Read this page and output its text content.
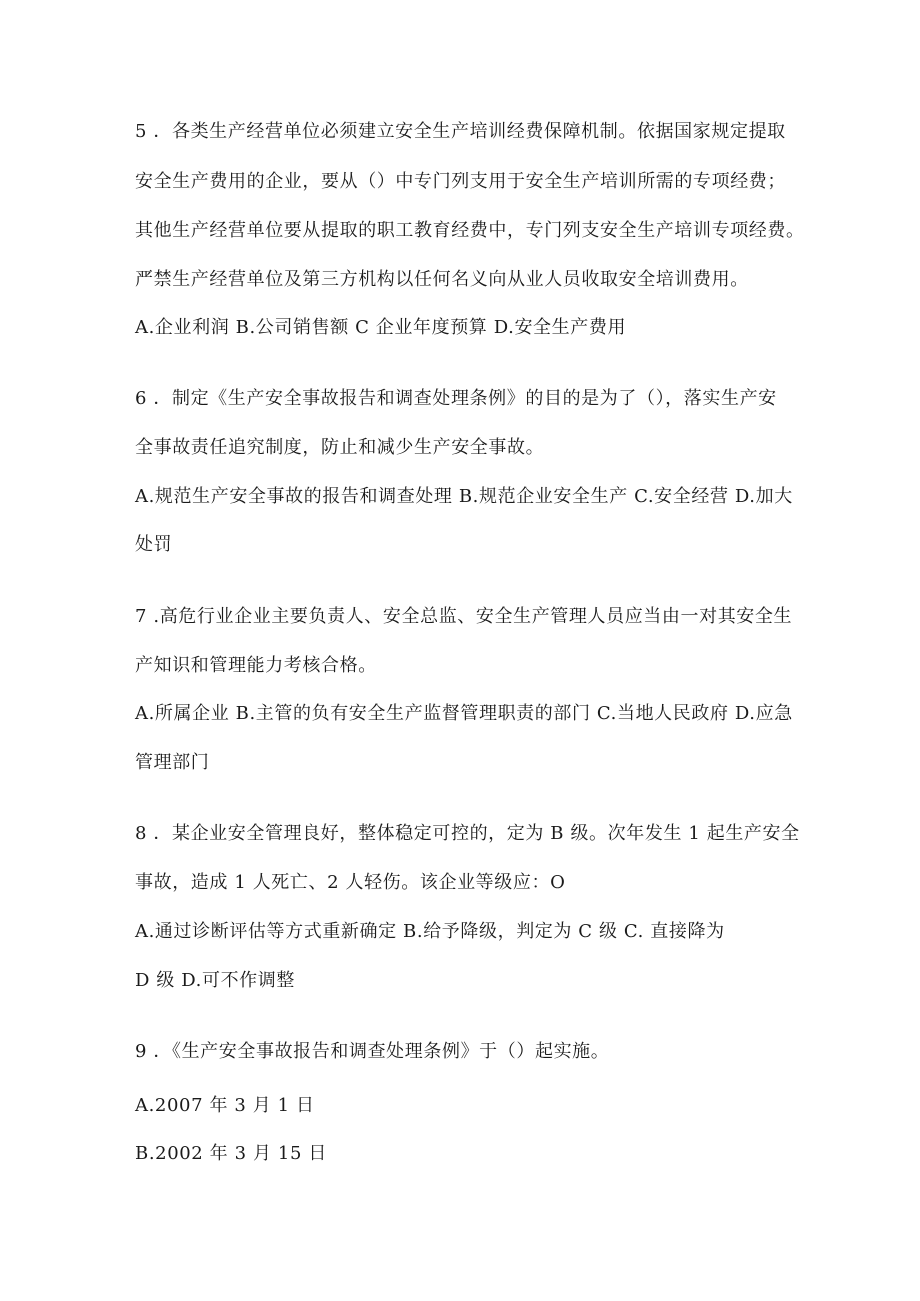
5 ．各类生产经营单位必须建立安全生产培训经费保障机制。依据国家规定提取
安全生产费用的企业，要从（）中专门列支用于安全生产培训所需的专项经费；
其他生产经营单位要从提取的职工教育经费中，专门列支安全生产培训专项经费。
严禁生产经营单位及第三方机构以任何名义向从业人员收取安全培训费用。
A.企业利润 B.公司销售额 C 企业年度预算 D.安全生产费用
6 ．制定《生产安全事故报告和调查处理条例》的目的是为了（），落实生产安
全事故责任追究制度，防止和减少生产安全事故。
A.规范生产安全事故的报告和调查处理 B.规范企业安全生产 C.安全经营 D.加大
处罚
7 .高危行业企业主要负责人、安全总监、安全生产管理人员应当由一对其安全生
产知识和管理能力考核合格。
A.所属企业 B.主管的负有安全生产监督管理职责的部门 C.当地人民政府 D.应急
管理部门
8 ．某企业安全管理良好，整体稳定可控的，定为 B 级。次年发生 1 起生产安全
事故，造成 1 人死亡、2 人轻伤。该企业等级应：O
A.通过诊断评估等方式重新确定 B.给予降级，判定为 C 级 C. 直接降为
D 级 D.可不作调整
9 ．《生产安全事故报告和调查处理条例》于（）起实施。
A.2007 年 3 月 1 日
B.2002 年 3 月 15 日
